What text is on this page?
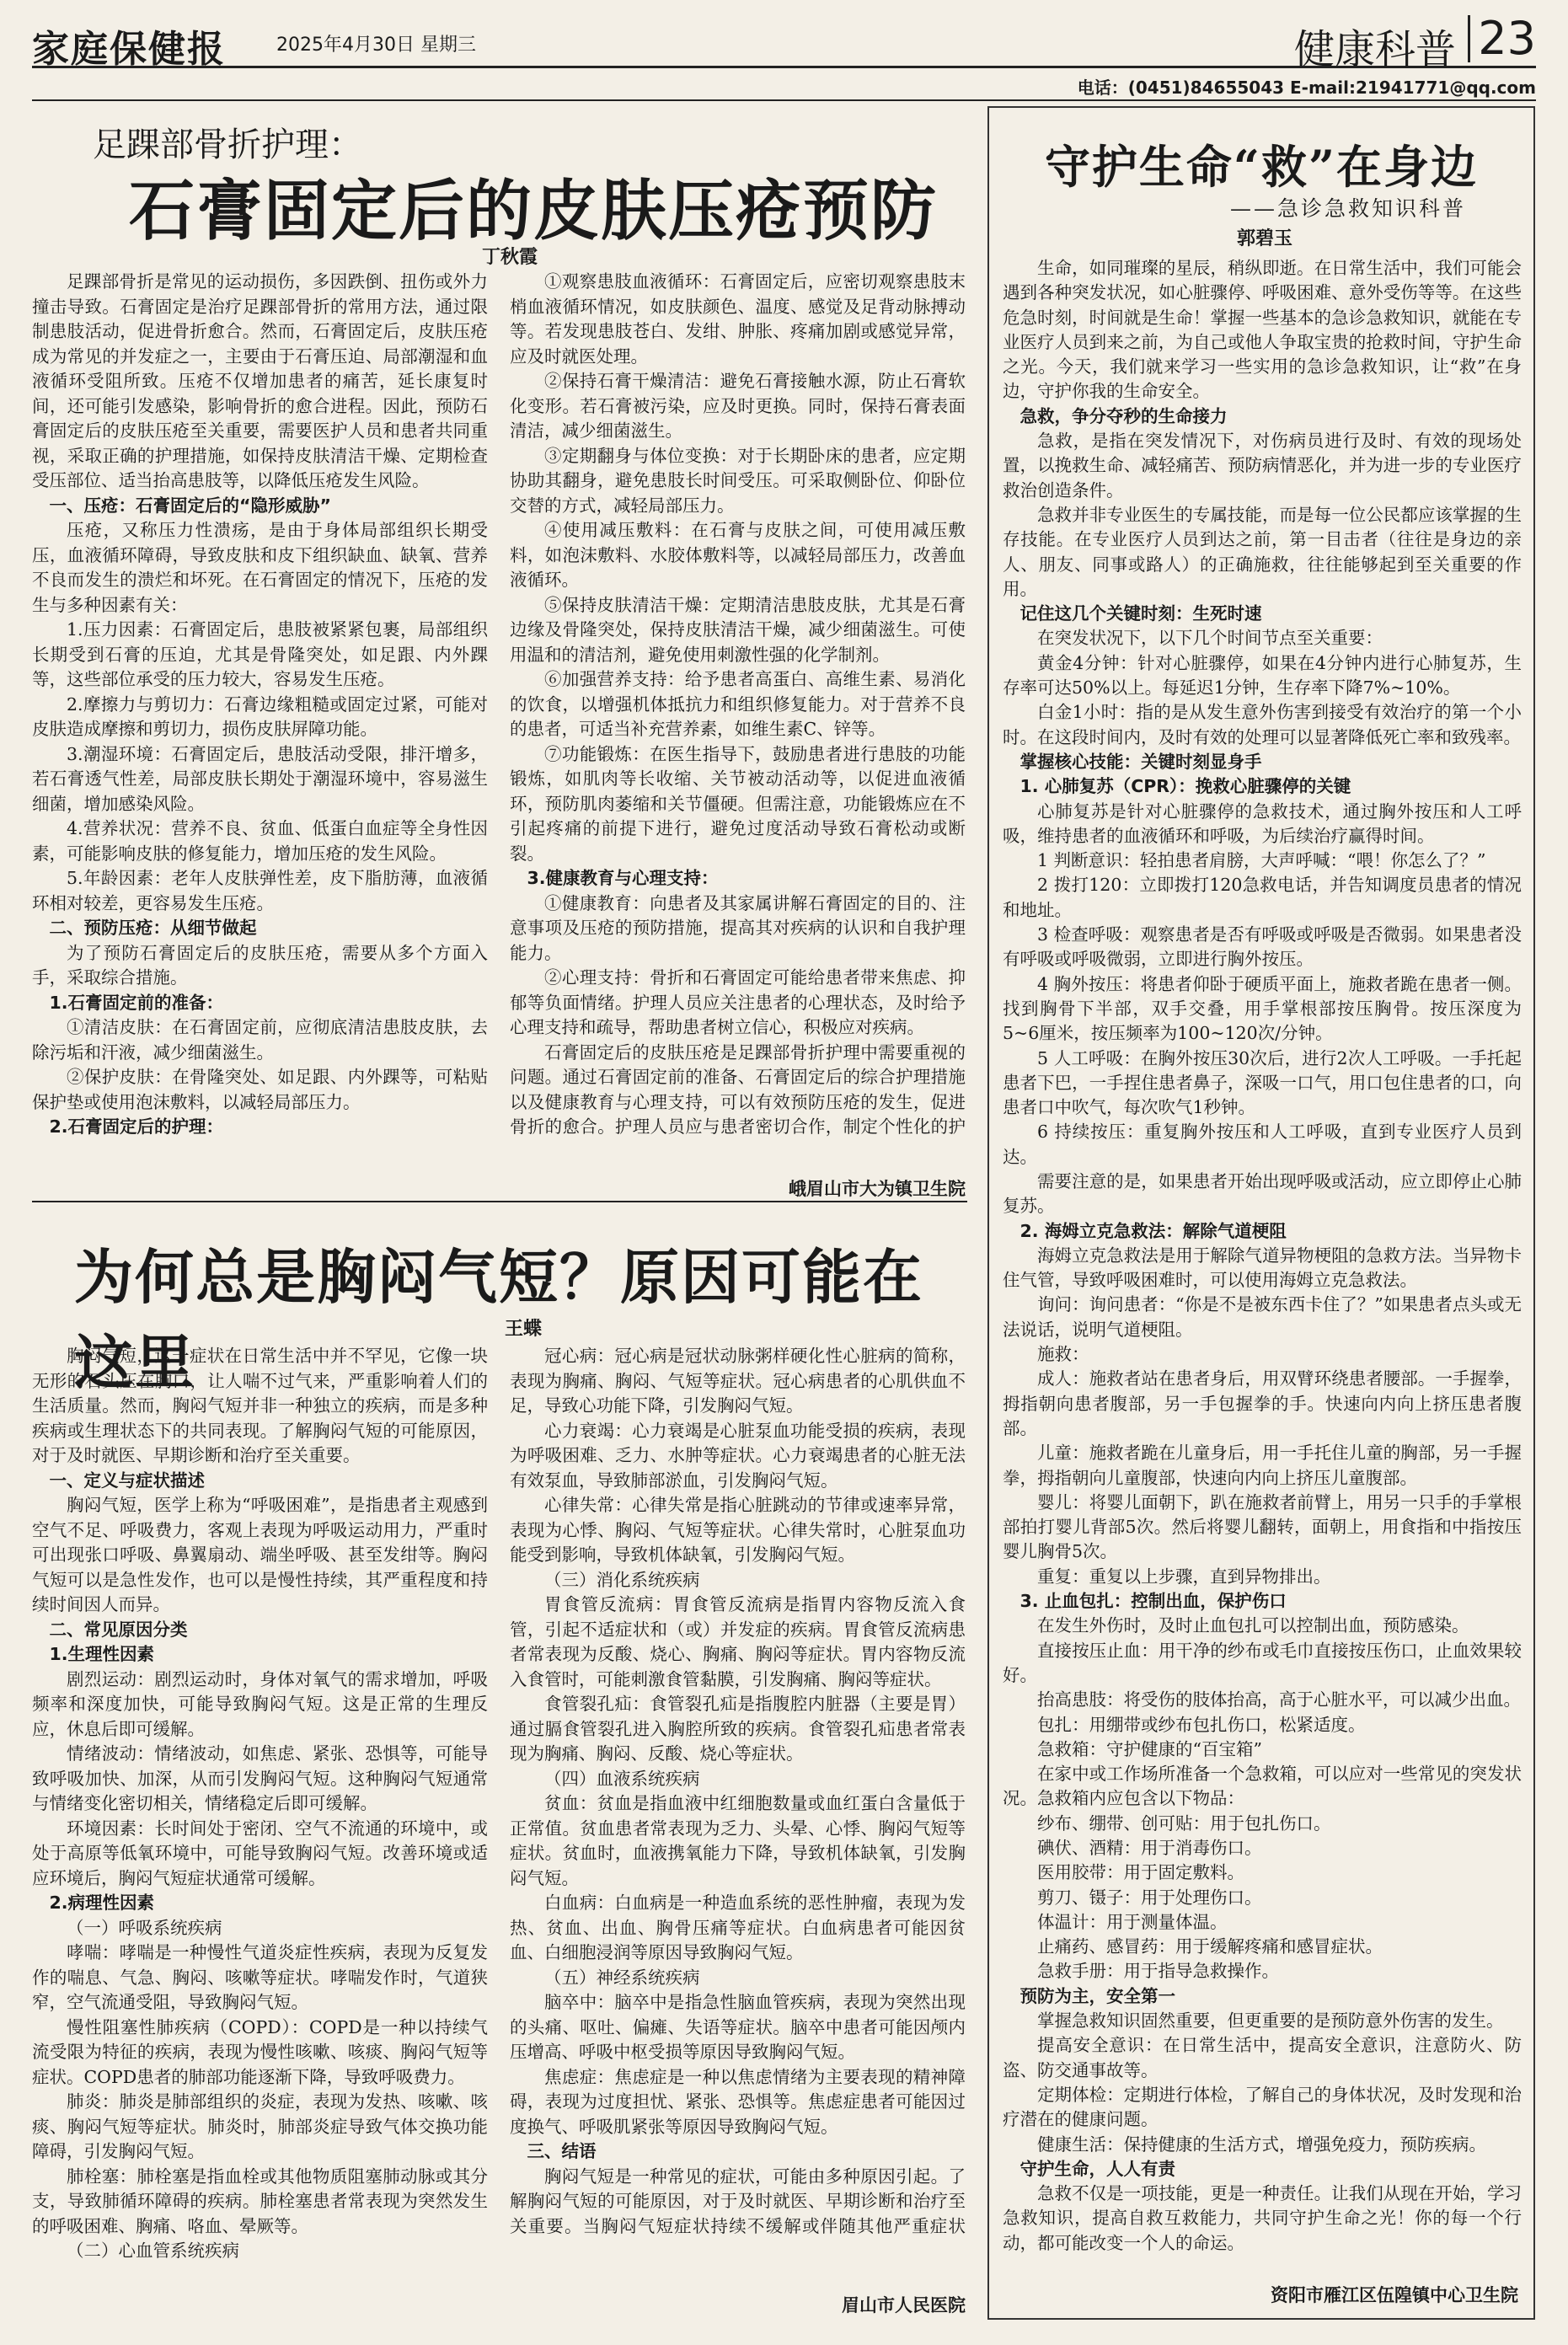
家庭保健报	2025年4月30日 星期三	健康科普 23
电话：(0451)84655043 E-mail:21941771@qq.com
足踝部骨折护理：
石膏固定后的皮肤压疮预防
丁秋霞

足踝部骨折是常见的运动损伤，多因跌倒、扭伤或外力撞击导致。石膏固定是治疗足踝部骨折的常用方法，通过限制患肢活动，促进骨折愈合。然而，石膏固定后，皮肤压疮成为常见的并发症之一，主要由于石膏压迫、局部潮湿和血液循环受阻所致。压疮不仅增加患者的痛苦，延长康复时间，还可能引发感染，影响骨折的愈合进程。因此，预防石膏固定后的皮肤压疮至关重要，需要医护人员和患者共同重视，采取正确的护理措施，如保持皮肤清洁干燥、定期检查受压部位、适当抬高患肢等，以降低压疮发生风险。

一、压疮：石膏固定后的“隐形威胁”

压疮，又称压力性溃疡，是由于身体局部组织长期受压，血液循环障碍，导致皮肤和皮下组织缺血、缺氧、营养不良而发生的溃烂和坏死。在石膏固定的情况下，压疮的发生与多种因素有关：

1.压力因素：石膏固定后，患肢被紧紧包裹，局部组织长期受到石膏的压迫，尤其是骨隆突处，如足跟、内外踝等，这些部位承受的压力较大，容易发生压疮。

2.摩擦力与剪切力：石膏边缘粗糙或固定过紧，可能对皮肤造成摩擦和剪切力，损伤皮肤屏障功能。

3.潮湿环境：石膏固定后，患肢活动受限，排汗增多，若石膏透气性差，局部皮肤长期处于潮湿环境中，容易滋生细菌，增加感染风险。

4.营养状况：营养不良、贫血、低蛋白血症等全身性因素，可能影响皮肤的修复能力，增加压疮的发生风险。

5.年龄因素：老年人皮肤弹性差，皮下脂肪薄，血液循环相对较差，更容易发生压疮。

二、预防压疮：从细节做起

为了预防石膏固定后的皮肤压疮，需要从多个方面入手，采取综合措施。

1.石膏固定前的准备：

①清洁皮肤：在石膏固定前，应彻底清洁患肢皮肤，去除污垢和汗液，减少细菌滋生。

②保护皮肤：在骨隆突处、如足跟、内外踝等，可粘贴保护垫或使用泡沫敷料，以减轻局部压力。

2.石膏固定后的护理：

①观察患肢血液循环：石膏固定后，应密切观察患肢末梢血液循环情况，如皮肤颜色、温度、感觉及足背动脉搏动等。若发现患肢苍白、发绀、肿胀、疼痛加剧或感觉异常，应及时就医处理。

②保持石膏干燥清洁：避免石膏接触水源，防止石膏软化变形。若石膏被污染，应及时更换。同时，保持石膏表面清洁，减少细菌滋生。

③定期翻身与体位变换：对于长期卧床的患者，应定期协助其翻身，避免患肢长时间受压。可采取侧卧位、仰卧位交替的方式，减轻局部压力。

④使用减压敷料：在石膏与皮肤之间，可使用减压敷料，如泡沫敷料、水胶体敷料等，以减轻局部压力，改善血液循环。

⑤保持皮肤清洁干燥：定期清洁患肢皮肤，尤其是石膏边缘及骨隆突处，保持皮肤清洁干燥，减少细菌滋生。可使用温和的清洁剂，避免使用刺激性强的化学制剂。

⑥加强营养支持：给予患者高蛋白、高维生素、易消化的饮食，以增强机体抵抗力和组织修复能力。对于营养不良的患者，可适当补充营养素，如维生素C、锌等。

⑦功能锻炼：在医生指导下，鼓励患者进行患肢的功能锻炼，如肌肉等长收缩、关节被动活动等，以促进血液循环，预防肌肉萎缩和关节僵硬。但需注意，功能锻炼应在不引起疼痛的前提下进行，避免过度活动导致石膏松动或断裂。

3.健康教育与心理支持：

①健康教育：向患者及其家属讲解石膏固定的目的、注意事项及压疮的预防措施，提高其对疾病的认识和自我护理能力。

②心理支持：骨折和石膏固定可能给患者带来焦虑、抑郁等负面情绪。护理人员应关注患者的心理状态，及时给予心理支持和疏导，帮助患者树立信心，积极应对疾病。

石膏固定后的皮肤压疮是足踝部骨折护理中需要重视的问题。通过石膏固定前的准备、石膏固定后的综合护理措施以及健康教育与心理支持，可以有效预防压疮的发生，促进骨折的愈合。护理人员应与患者密切合作，制定个性化的护

峨眉山市大为镇卫生院
为何总是胸闷气短？原因可能在这里	王蝶

胸闷气短，这一症状在日常生活中并不罕见，它像一块无形的石头压在胸口，让人喘不过气来，严重影响着人们的生活质量。然而，胸闷气短并非一种独立的疾病，而是多种疾病或生理状态下的共同表现。了解胸闷气短的可能原因，对于及时就医、早期诊断和治疗至关重要。

一、定义与症状描述

胸闷气短，医学上称为“呼吸困难”，是指患者主观感到空气不足、呼吸费力，客观上表现为呼吸运动用力，严重时可出现张口呼吸、鼻翼扇动、端坐呼吸、甚至发绀等。胸闷气短可以是急性发作，也可以是慢性持续，其严重程度和持续时间因人而异。

二、常见原因分类

1.生理性因素

剧烈运动：剧烈运动时，身体对氧气的需求增加，呼吸频率和深度加快，可能导致胸闷气短。这是正常的生理反应，休息后即可缓解。

情绪波动：情绪波动，如焦虑、紧张、恐惧等，可能导致呼吸加快、加深，从而引发胸闷气短。这种胸闷气短通常与情绪变化密切相关，情绪稳定后即可缓解。

环境因素：长时间处于密闭、空气不流通的环境中，或处于高原等低氧环境中，可能导致胸闷气短。改善环境或适应环境后，胸闷气短症状通常可缓解。

2.病理性因素

（一）呼吸系统疾病

哮喘：哮喘是一种慢性气道炎症性疾病，表现为反复发作的喘息、气急、胸闷、咳嗽等症状。哮喘发作时，气道狭窄，空气流通受阻，导致胸闷气短。

慢性阻塞性肺疾病（COPD）：COPD是一种以持续气流受限为特征的疾病，表现为慢性咳嗽、咳痰、胸闷气短等症状。COPD患者的肺部功能逐渐下降，导致呼吸费力。

肺炎：肺炎是肺部组织的炎症，表现为发热、咳嗽、咳痰、胸闷气短等症状。肺炎时，肺部炎症导致气体交换功能障碍，引发胸闷气短。

肺栓塞：肺栓塞是指血栓或其他物质阻塞肺动脉或其分支，导致肺循环障碍的疾病。肺栓塞患者常表现为突然发生的呼吸困难、胸痛、咯血、晕厥等。

（二）心血管系统疾病

冠心病：冠心病是冠状动脉粥样硬化性心脏病的简称，表现为胸痛、胸闷、气短等症状。冠心病患者的心肌供血不足，导致心功能下降，引发胸闷气短。

心力衰竭：心力衰竭是心脏泵血功能受损的疾病，表现为呼吸困难、乏力、水肿等症状。心力衰竭患者的心脏无法有效泵血，导致肺部淤血，引发胸闷气短。

心律失常：心律失常是指心脏跳动的节律或速率异常，表现为心悸、胸闷、气短等症状。心律失常时，心脏泵血功能受到影响，导致机体缺氧，引发胸闷气短。

（三）消化系统疾病

胃食管反流病：胃食管反流病是指胃内容物反流入食管，引起不适症状和（或）并发症的疾病。胃食管反流病患者常表现为反酸、烧心、胸痛、胸闷等症状。胃内容物反流入食管时，可能刺激食管黏膜，引发胸痛、胸闷等症状。

食管裂孔疝：食管裂孔疝是指腹腔内脏器（主要是胃）通过膈食管裂孔进入胸腔所致的疾病。食管裂孔疝患者常表现为胸痛、胸闷、反酸、烧心等症状。

（四）血液系统疾病

贫血：贫血是指血液中红细胞数量或血红蛋白含量低于正常值。贫血患者常表现为乏力、头晕、心悸、胸闷气短等症状。贫血时，血液携氧能力下降，导致机体缺氧，引发胸闷气短。

白血病：白血病是一种造血系统的恶性肿瘤，表现为发热、贫血、出血、胸骨压痛等症状。白血病患者可能因贫血、白细胞浸润等原因导致胸闷气短。

（五）神经系统疾病

脑卒中：脑卒中是指急性脑血管疾病，表现为突然出现的头痛、呕吐、偏瘫、失语等症状。脑卒中患者可能因颅内压增高、呼吸中枢受损等原因导致胸闷气短。

焦虑症：焦虑症是一种以焦虑情绪为主要表现的精神障碍，表现为过度担忧、紧张、恐惧等。焦虑症患者可能因过度换气、呼吸肌紧张等原因导致胸闷气短。

三、结语

胸闷气短是一种常见的症状，可能由多种原因引起。了解胸闷气短的可能原因，对于及时就医、早期诊断和治疗至关重要。当胸闷气短症状持续不缓解或伴随其他严重症状

眉山市人民医院
守护生命“救”在身边
——急诊急救知识科普
郭碧玉

生命，如同璀璨的星辰，稍纵即逝。在日常生活中，我们可能会遇到各种突发状况，如心脏骤停、呼吸困难、意外受伤等等。在这些危急时刻，时间就是生命！掌握一些基本的急诊急救知识，就能在专业医疗人员到来之前，为自己或他人争取宝贵的抢救时间，守护生命之光。今天，我们就来学习一些实用的急诊急救知识，让“救”在身边，守护你我的生命安全。

急救，争分夺秒的生命接力

急救，是指在突发情况下，对伤病员进行及时、有效的现场处置，以挽救生命、减轻痛苦、预防病情恶化，并为进一步的专业医疗救治创造条件。

急救并非专业医生的专属技能，而是每一位公民都应该掌握的生存技能。在专业医疗人员到达之前，第一目击者（往往是身边的亲人、朋友、同事或路人）的正确施救，往往能够起到至关重要的作用。

记住这几个关键时刻：生死时速

在突发状况下，以下几个时间节点至关重要：

黄金4分钟：针对心脏骤停，如果在4分钟内进行心肺复苏，生存率可达50%以上。每延迟1分钟，生存率下降7%~10%。

白金1小时：指的是从发生意外伤害到接受有效治疗的第一个小时。在这段时间内，及时有效的处理可以显著降低死亡率和致残率。

掌握核心技能：关键时刻显身手

1. 心肺复苏（CPR）：挽救心脏骤停的关键

心肺复苏是针对心脏骤停的急救技术，通过胸外按压和人工呼吸，维持患者的血液循环和呼吸，为后续治疗赢得时间。

1 判断意识：轻拍患者肩膀，大声呼喊：“喂！你怎么了？”

2 拨打120：立即拨打120急救电话，并告知调度员患者的情况和地址。

3 检查呼吸：观察患者是否有呼吸或呼吸是否微弱。如果患者没有呼吸或呼吸微弱，立即进行胸外按压。

4 胸外按压：将患者仰卧于硬质平面上，施救者跪在患者一侧。找到胸骨下半部，双手交叠，用手掌根部按压胸骨。按压深度为5~6厘米，按压频率为100~120次/分钟。

5 人工呼吸：在胸外按压30次后，进行2次人工呼吸。一手托起患者下巴，一手捏住患者鼻子，深吸一口气，用口包住患者的口，向患者口中吹气，每次吹气1秒钟。

6 持续按压：重复胸外按压和人工呼吸，直到专业医疗人员到达。

需要注意的是，如果患者开始出现呼吸或活动，应立即停止心肺复苏。

2. 海姆立克急救法：解除气道梗阻

海姆立克急救法是用于解除气道异物梗阻的急救方法。当异物卡住气管，导致呼吸困难时，可以使用海姆立克急救法。

询问：询问患者：“你是不是被东西卡住了？”如果患者点头或无法说话，说明气道梗阻。

施救：

成人：施救者站在患者身后，用双臂环绕患者腰部。一手握拳，拇指朝向患者腹部，另一手包握拳的手。快速向内向上挤压患者腹部。

儿童：施救者跪在儿童身后，用一手托住儿童的胸部，另一手握拳，拇指朝向儿童腹部，快速向内向上挤压儿童腹部。

婴儿：将婴儿面朝下，趴在施救者前臂上，用另一只手的手掌根部拍打婴儿背部5次。然后将婴儿翻转，面朝上，用食指和中指按压婴儿胸骨5次。

重复：重复以上步骤，直到异物排出。

3. 止血包扎：控制出血，保护伤口

在发生外伤时，及时止血包扎可以控制出血，预防感染。

直接按压止血：用干净的纱布或毛巾直接按压伤口，止血效果较好。

抬高患肢：将受伤的肢体抬高，高于心脏水平，可以减少出血。

包扎：用绷带或纱布包扎伤口，松紧适度。

急救箱：守护健康的“百宝箱”

在家中或工作场所准备一个急救箱，可以应对一些常见的突发状况。急救箱内应包含以下物品：

纱布、绷带、创可贴：用于包扎伤口。

碘伏、酒精：用于消毒伤口。

医用胶带：用于固定敷料。

剪刀、镊子：用于处理伤口。

体温计：用于测量体温。

止痛药、感冒药：用于缓解疼痛和感冒症状。

急救手册：用于指导急救操作。

预防为主，安全第一

掌握急救知识固然重要，但更重要的是预防意外伤害的发生。

提高安全意识：在日常生活中，提高安全意识，注意防火、防盗、防交通事故等。

定期体检：定期进行体检，了解自己的身体状况，及时发现和治疗潜在的健康问题。

健康生活：保持健康的生活方式，增强免疫力，预防疾病。

守护生命，人人有责

急救不仅是一项技能，更是一种责任。让我们从现在开始，学习急救知识，提高自救互救能力，共同守护生命之光！你的每一个行动，都可能改变一个人的命运。

资阳市雁江区伍隍镇中心卫生院
